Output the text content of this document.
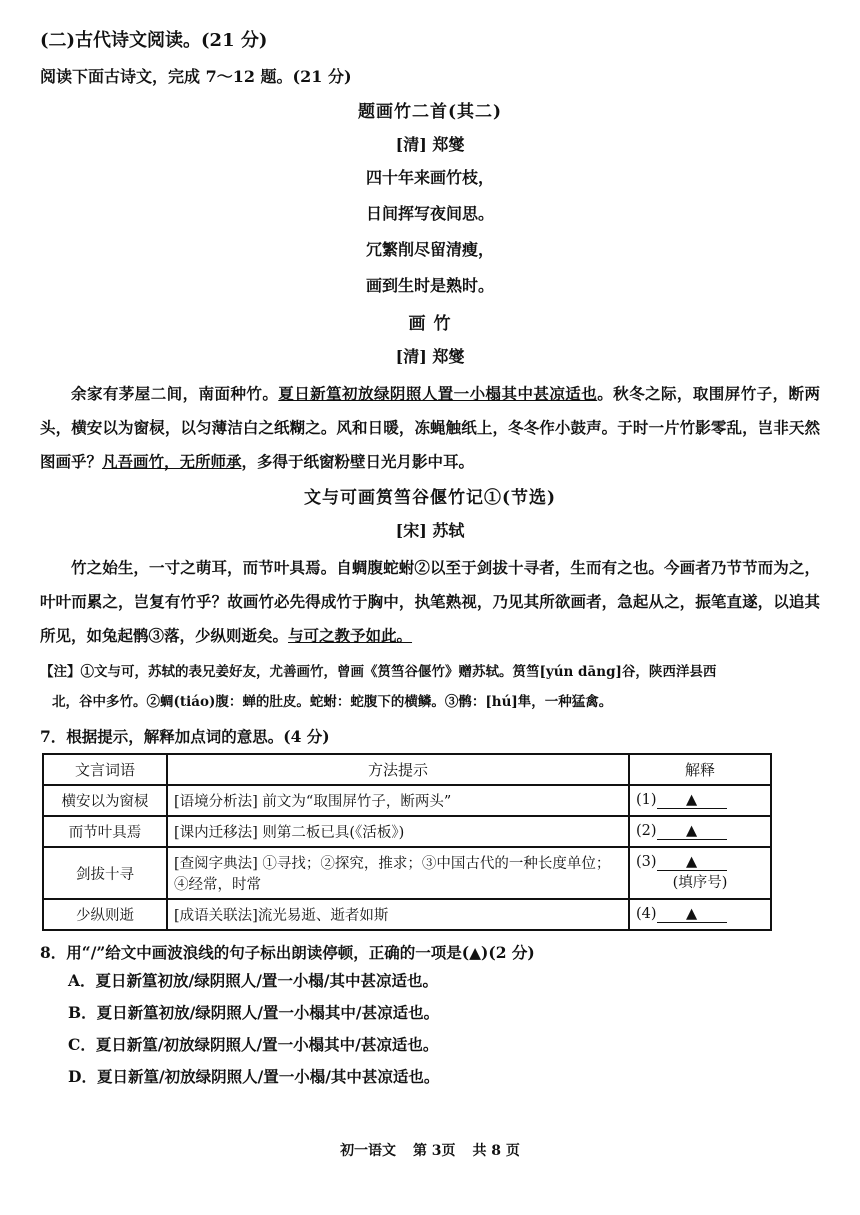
(二)古代诗文阅读。(21 分)
阅读下面古诗文，完成 7～12 题。(21 分)
题画竹二首(其二)
[清] 郑燮
四十年来画竹枝，
日间挥写夜间思。
冗繁削尽留清瘦，
画到生时是熟时。
画 竹
[清] 郑燮

余家有茅屋二间，南面种竹。夏日新篁初放绿阴照人置一小榻其中甚凉适也。秋冬之际，取围屏竹子，断两头，横安以为窗棂，以匀薄洁白之纸糊之。风和日暖，冻蝇触纸上，冬冬作小鼓声。于时一片竹影零乱，岂非天然图画乎？凡吾画竹，无所师承，多得于纸窗粉壁日光月影中耳。

文与可画筼筜谷偃竹记①(节选)
[宋] 苏轼

竹之始生，一寸之萌耳，而节叶具焉。自蜩腹蛇蚹②以至于剑拔十寻者，生而有之也。今画者乃节节而为之，叶叶而累之，岂复有竹乎？故画竹必先得成竹于胸中，执笔熟视，乃见其所欲画者，急起从之，振笔直遂，以追其所见，如兔起鹘③落，少纵则逝矣。与可之教予如此。

【注】①文与可，苏轼的表兄姜好友，尤善画竹，曾画《筼筜谷偃竹》赠苏轼。筼筜[yún dāng]谷，陕西洋县西

北，谷中多竹。②蜩(tiáo)腹：蝉的肚皮。蛇蚹：蛇腹下的横鳞。③鹘：[hú]隼，一种猛禽。

7．根据提示，解释加点词的意思。(4 分)
文言词语	方法提示	解释
横安以为窗棂	[语境分析法] 前文为“取围屏竹子，断两头”	(1) ▲
而节叶具焉	[课内迁移法] 则第二板已具(《活板》)	(2) ▲
剑拔十寻	[查阅字典法] ①寻找；②探究，推求；③中国古代的一种长度单位；④经常，时常	(3) ▲
(填序号)

少纵则逝	[成语关联法]流光易逝、逝者如斯	(4) ▲
8．用“/”给文中画波浪线的句子标出朗读停顿，正确的一项是(▲)(2 分)
A．夏日新篁初放/绿阴照人/置一小榻/其中甚凉适也。
B．夏日新篁初放/绿阴照人/置一小榻其中/甚凉适也。
C．夏日新篁/初放绿阴照人/置一小榻其中/甚凉适也。
D．夏日新篁/初放绿阴照人/置一小榻/其中甚凉适也。
初一语文 第 3页 共 8 页
